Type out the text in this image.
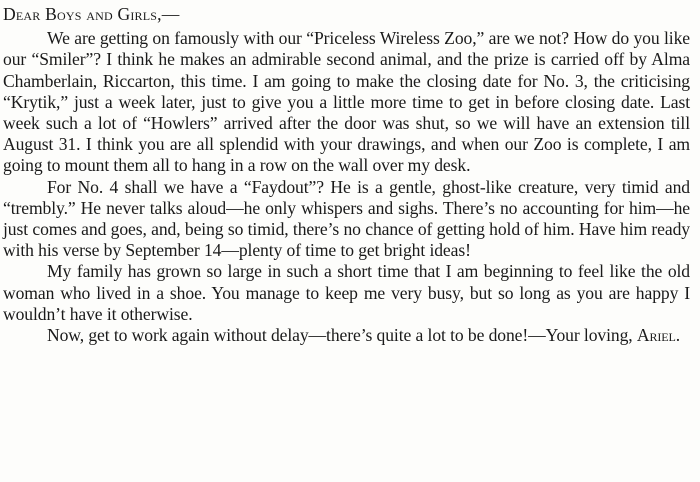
Dear Boys and Girls,—

We are getting on famously with our “Priceless Wireless Zoo,” are we not? How do you like our “Smiler”? I think he makes an admirable second animal, and the prize is carried off by Alma Chamberlain, Riccarton, this time. I am going to make the closing date for No. 3, the criticising “Krytik,” just a week later, just to give you a little more time to get in before closing date. Last week such a lot of “Howlers” arrived after the door was shut, so we will have an extension till August 31. I think you are all splendid with your drawings, and when our Zoo is complete, I am going to mount them all to hang in a row on the wall over my desk.

For No. 4 shall we have a “Faydout”? He is a gentle, ghost-like creature, very timid and “trembly.” He never talks aloud—he only whispers and sighs. There’s no accounting for him—he just comes and goes, and, being so timid, there’s no chance of getting hold of him. Have him ready with his verse by September 14—plenty of time to get bright ideas!

My family has grown so large in such a short time that I am beginning to feel like the old woman who lived in a shoe. You manage to keep me very busy, but so long as you are happy I wouldn’t have it otherwise.

Now, get to work again without delay—there’s quite a lot to be done!—Your loving, Ariel.
